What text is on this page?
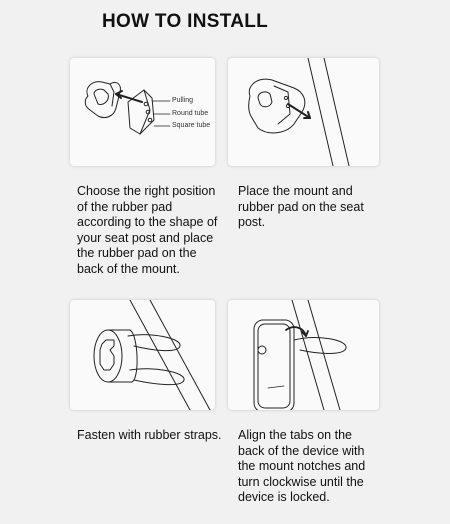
HOW TO INSTALL
Pulling
Round tube
Square tube
Choose the right position of the rubber pad according to the shape of your seat post and place the rubber pad on the back of the mount.
Place the mount and rubber pad on the seat post.
Fasten with rubber straps. Align the tabs on the back of the device with the mount notches and turn clockwise until the device is locked.
